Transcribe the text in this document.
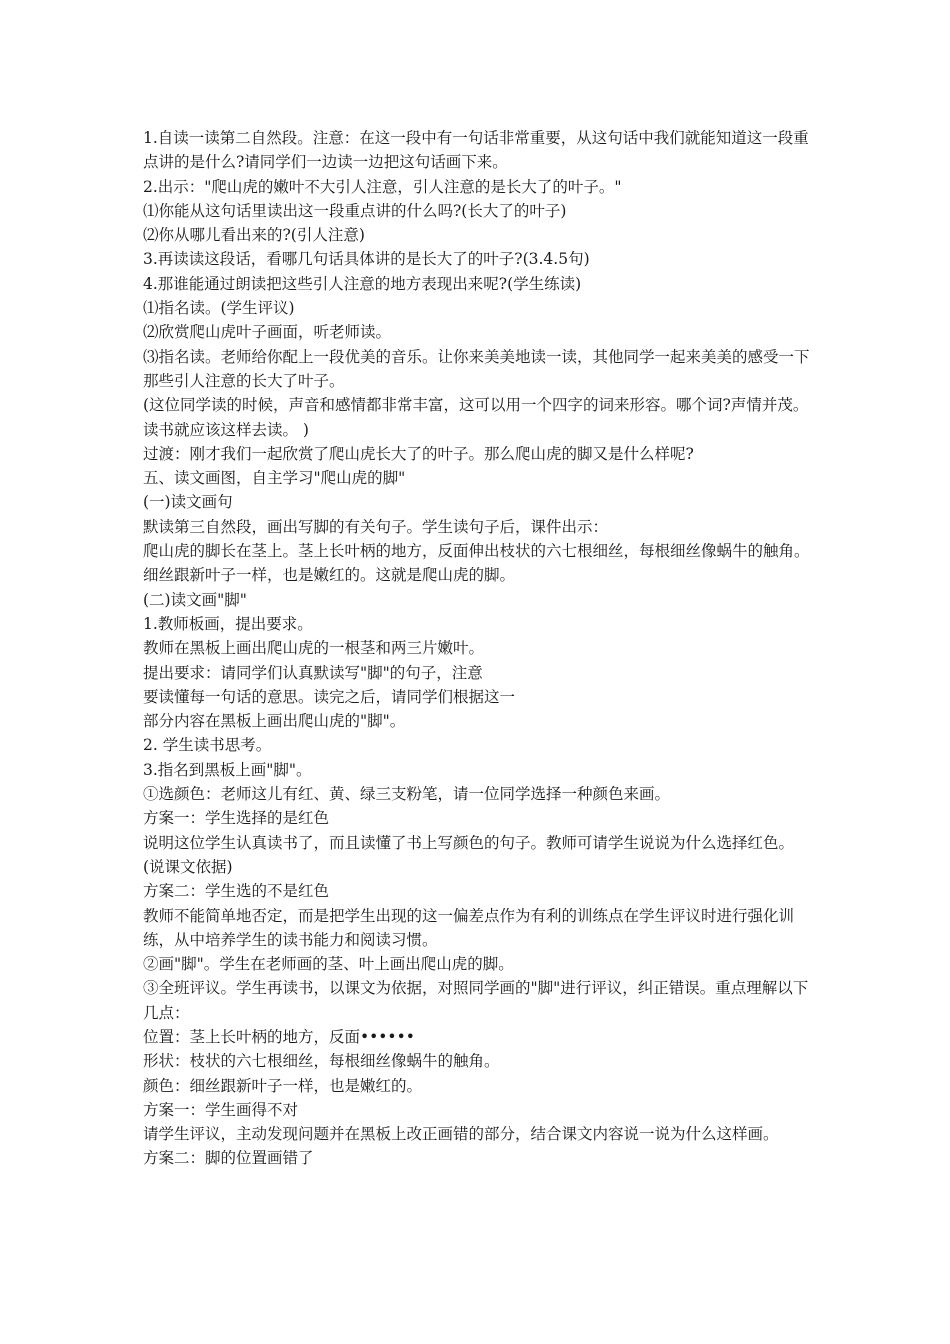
1.自读一读第二自然段。注意：在这一段中有一句话非常重要，从这句话中我们就能知道这一段重点讲的是什么?请同学们一边读一边把这句话画下来。

2.出示："爬山虎的嫩叶不大引人注意，引人注意的是长大了的叶子。"

⑴你能从这句话里读出这一段重点讲的什么吗?(长大了的叶子)

⑵你从哪儿看出来的?(引人注意)

3.再读读这段话，看哪几句话具体讲的是长大了的叶子?(3.4.5句)

4.那谁能通过朗读把这些引人注意的地方表现出来呢?(学生练读)

⑴指名读。(学生评议)

⑵欣赏爬山虎叶子画面，听老师读。

⑶指名读。老师给你配上一段优美的音乐。让你来美美地读一读，其他同学一起来美美的感受一下那些引人注意的长大了叶子。

(这位同学读的时候，声音和感情都非常丰富，这可以用一个四字的词来形容。哪个词?声情并茂。读书就应该这样去读。 )

过渡：刚才我们一起欣赏了爬山虎长大了的叶子。那么爬山虎的脚又是什么样呢?

五、读文画图，自主学习"爬山虎的脚"

(一)读文画句

默读第三自然段，画出写脚的有关句子。学生读句子后，课件出示：

爬山虎的脚长在茎上。茎上长叶柄的地方，反面伸出枝状的六七根细丝，每根细丝像蜗牛的触角。细丝跟新叶子一样，也是嫩红的。这就是爬山虎的脚。

(二)读文画"脚"

1.教师板画，提出要求。

教师在黑板上画出爬山虎的一根茎和两三片嫩叶。

提出要求：请同学们认真默读写"脚"的句子，注意

要读懂每一句话的意思。读完之后，请同学们根据这一

部分内容在黑板上画出爬山虎的"脚"。

2. 学生读书思考。

3.指名到黑板上画"脚"。

①选颜色：老师这儿有红、黄、绿三支粉笔，请一位同学选择一种颜色来画。

方案一：学生选择的是红色

说明这位学生认真读书了，而且读懂了书上写颜色的句子。教师可请学生说说为什么选择红色。(说课文依据)

方案二：学生选的不是红色

教师不能简单地否定，而是把学生出现的这一偏差点作为有利的训练点在学生评议时进行强化训练，从中培养学生的读书能力和阅读习惯。

②画"脚"。学生在老师画的茎、叶上画出爬山虎的脚。

③全班评议。学生再读书，以课文为依据，对照同学画的"脚"进行评议，纠正错误。重点理解以下几点：

位置：茎上长叶柄的地方，反面••••••

形状：枝状的六七根细丝，每根细丝像蜗牛的触角。

颜色：细丝跟新叶子一样，也是嫩红的。

方案一：学生画得不对

请学生评议，主动发现问题并在黑板上改正画错的部分，结合课文内容说一说为什么这样画。

方案二：脚的位置画错了
